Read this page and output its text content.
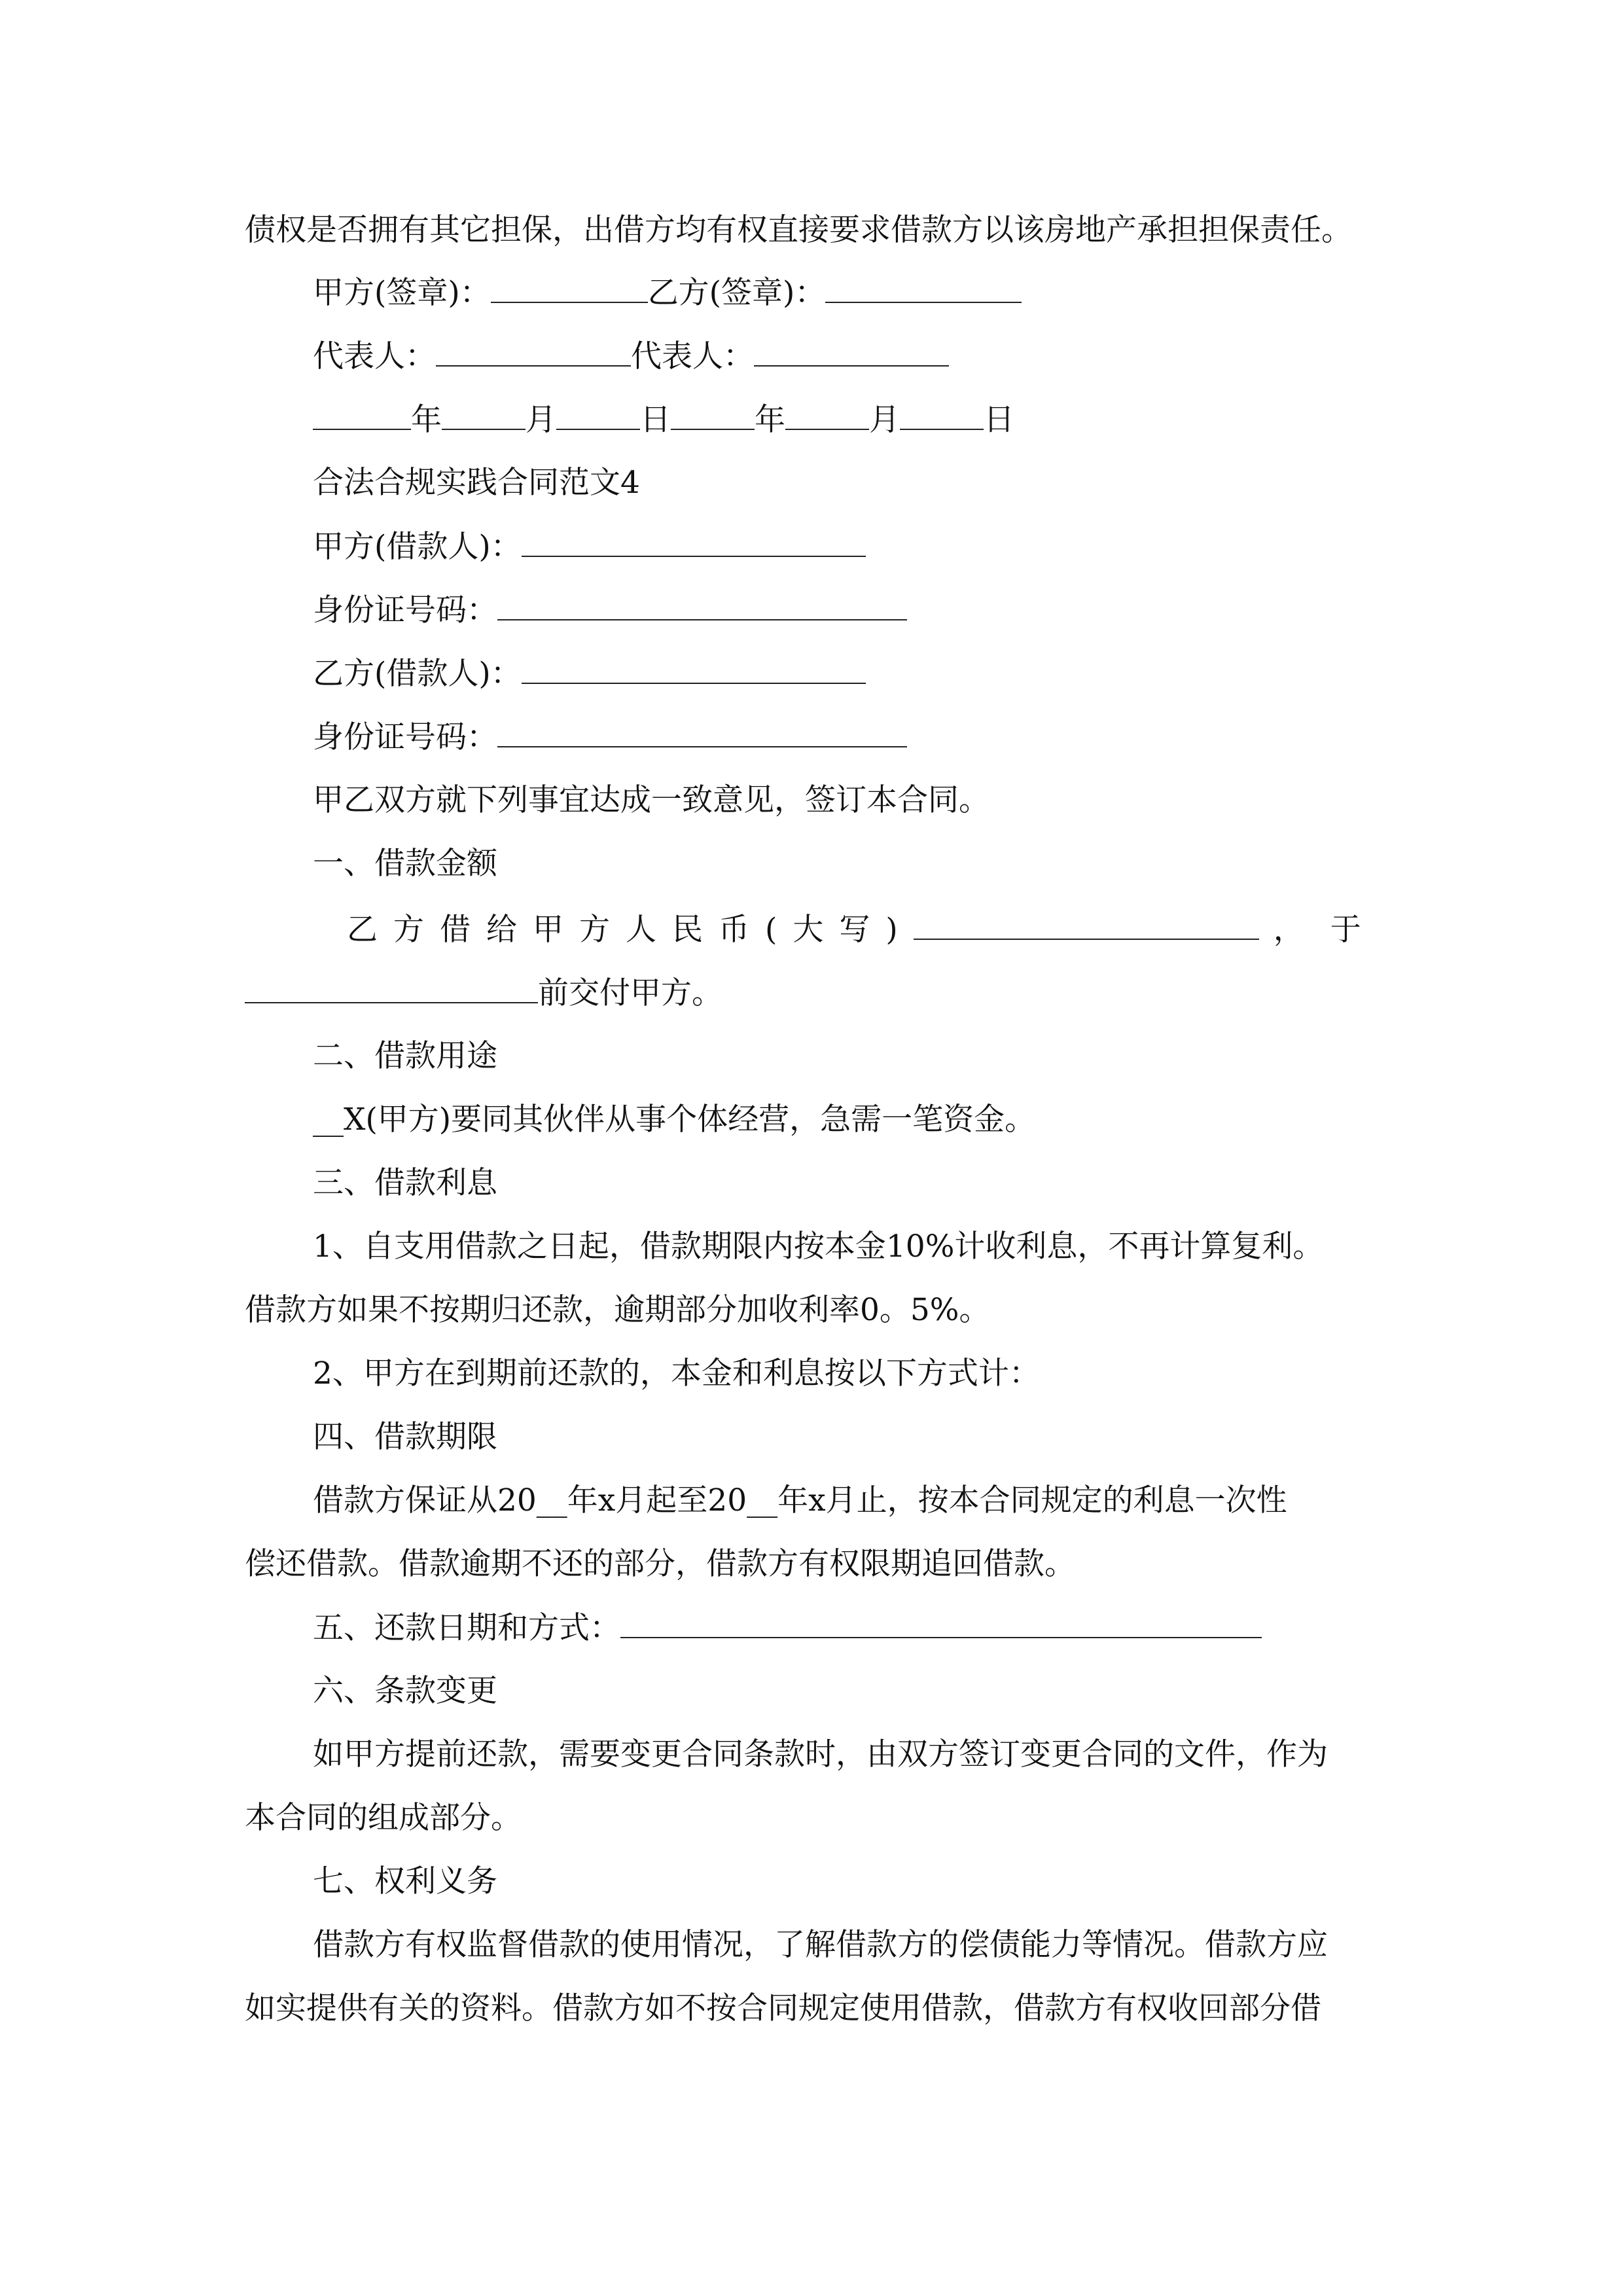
债权是否拥有其它担保，出借方均有权直接要求借款方以该房地产承担担保责任。
甲方(签章)：	乙方(签章)：
代表人：	代表人：
年	月	日	年	月	日
合法合规实践合同范文4
甲方(借款人)：
身份证号码：
乙方(借款人)：
身份证号码：
甲乙双方就下列事宜达成一致意见，签订本合同。
一、借款金额
乙方借给甲方人民币(大写)	， 于
前交付甲方。
二、借款用途
__X(甲方)要同其伙伴从事个体经营，急需一笔资金。
三、借款利息
1、自支用借款之日起，借款期限内按本金10%计收利息，不再计算复利。
借款方如果不按期归还款，逾期部分加收利率0。5%。
2、甲方在到期前还款的，本金和利息按以下方式计：
四、借款期限
借款方保证从20__年x月起至20__年x月止，按本合同规定的利息一次性
偿还借款。借款逾期不还的部分，借款方有权限期追回借款。
五、还款日期和方式：
六、条款变更
如甲方提前还款，需要变更合同条款时，由双方签订变更合同的文件，作为
本合同的组成部分。
七、权利义务
借款方有权监督借款的使用情况，了解借款方的偿债能力等情况。借款方应
如实提供有关的资料。借款方如不按合同规定使用借款，借款方有权收回部分借
